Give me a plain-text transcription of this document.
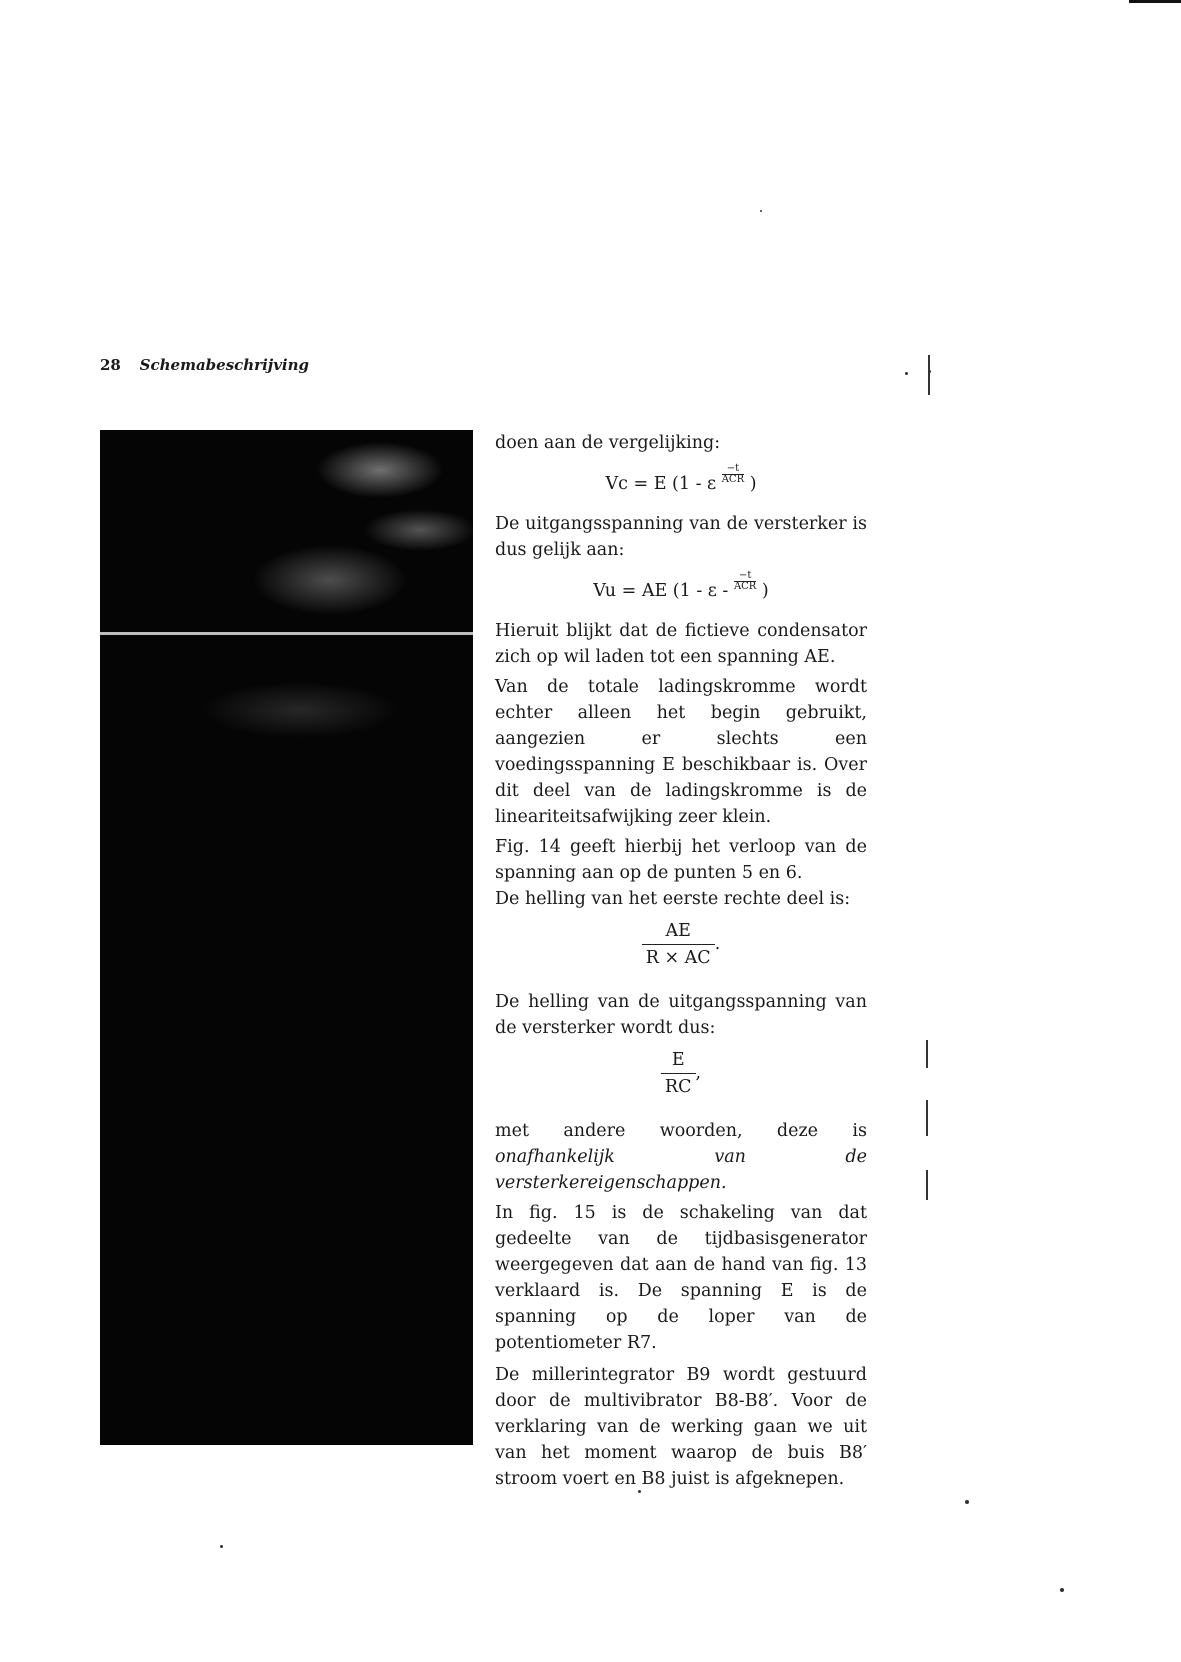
28 Schemabeschrijving

doen aan de vergelijking:

Vc = E (1 - ε
−t
ACR )

De uitgangsspanning van de versterker is dus gelijk aan:

Vu = AE (1 - ε -
−t
ACR )

Hieruit blijkt dat de fictieve condensator zich op wil laden tot een spanning AE.

Van de totale ladingskromme wordt echter alleen het begin gebruikt, aangezien er slechts een voedingsspanning E beschikbaar is. Over dit deel van de ladingskromme is de lineariteitsafwijking zeer klein.

Fig. 14 geeft hierbij het verloop van de spanning aan op de punten 5 en 6.

De helling van het eerste rechte deel is:

$\frac{AE}{R \times AC}$ .

De helling van de uitgangsspanning van de versterker wordt dus:

$\frac{E}{RC}$ ,

met andere woorden, deze is onafhankelijk van de versterkereigenschappen.

In fig. 15 is de schakeling van dat gedeelte van de tijdbasisgenerator weergegeven dat aan de hand van fig. 13 verklaard is. De spanning E is de spanning op de loper van de potentiometer R7.

De millerintegrator B9 wordt gestuurd door de multivibrator B8-B8′. Voor de verklaring van de werking gaan we uit van het moment waarop de buis B8′ stroom voert en B8 juist is afgeknepen.
